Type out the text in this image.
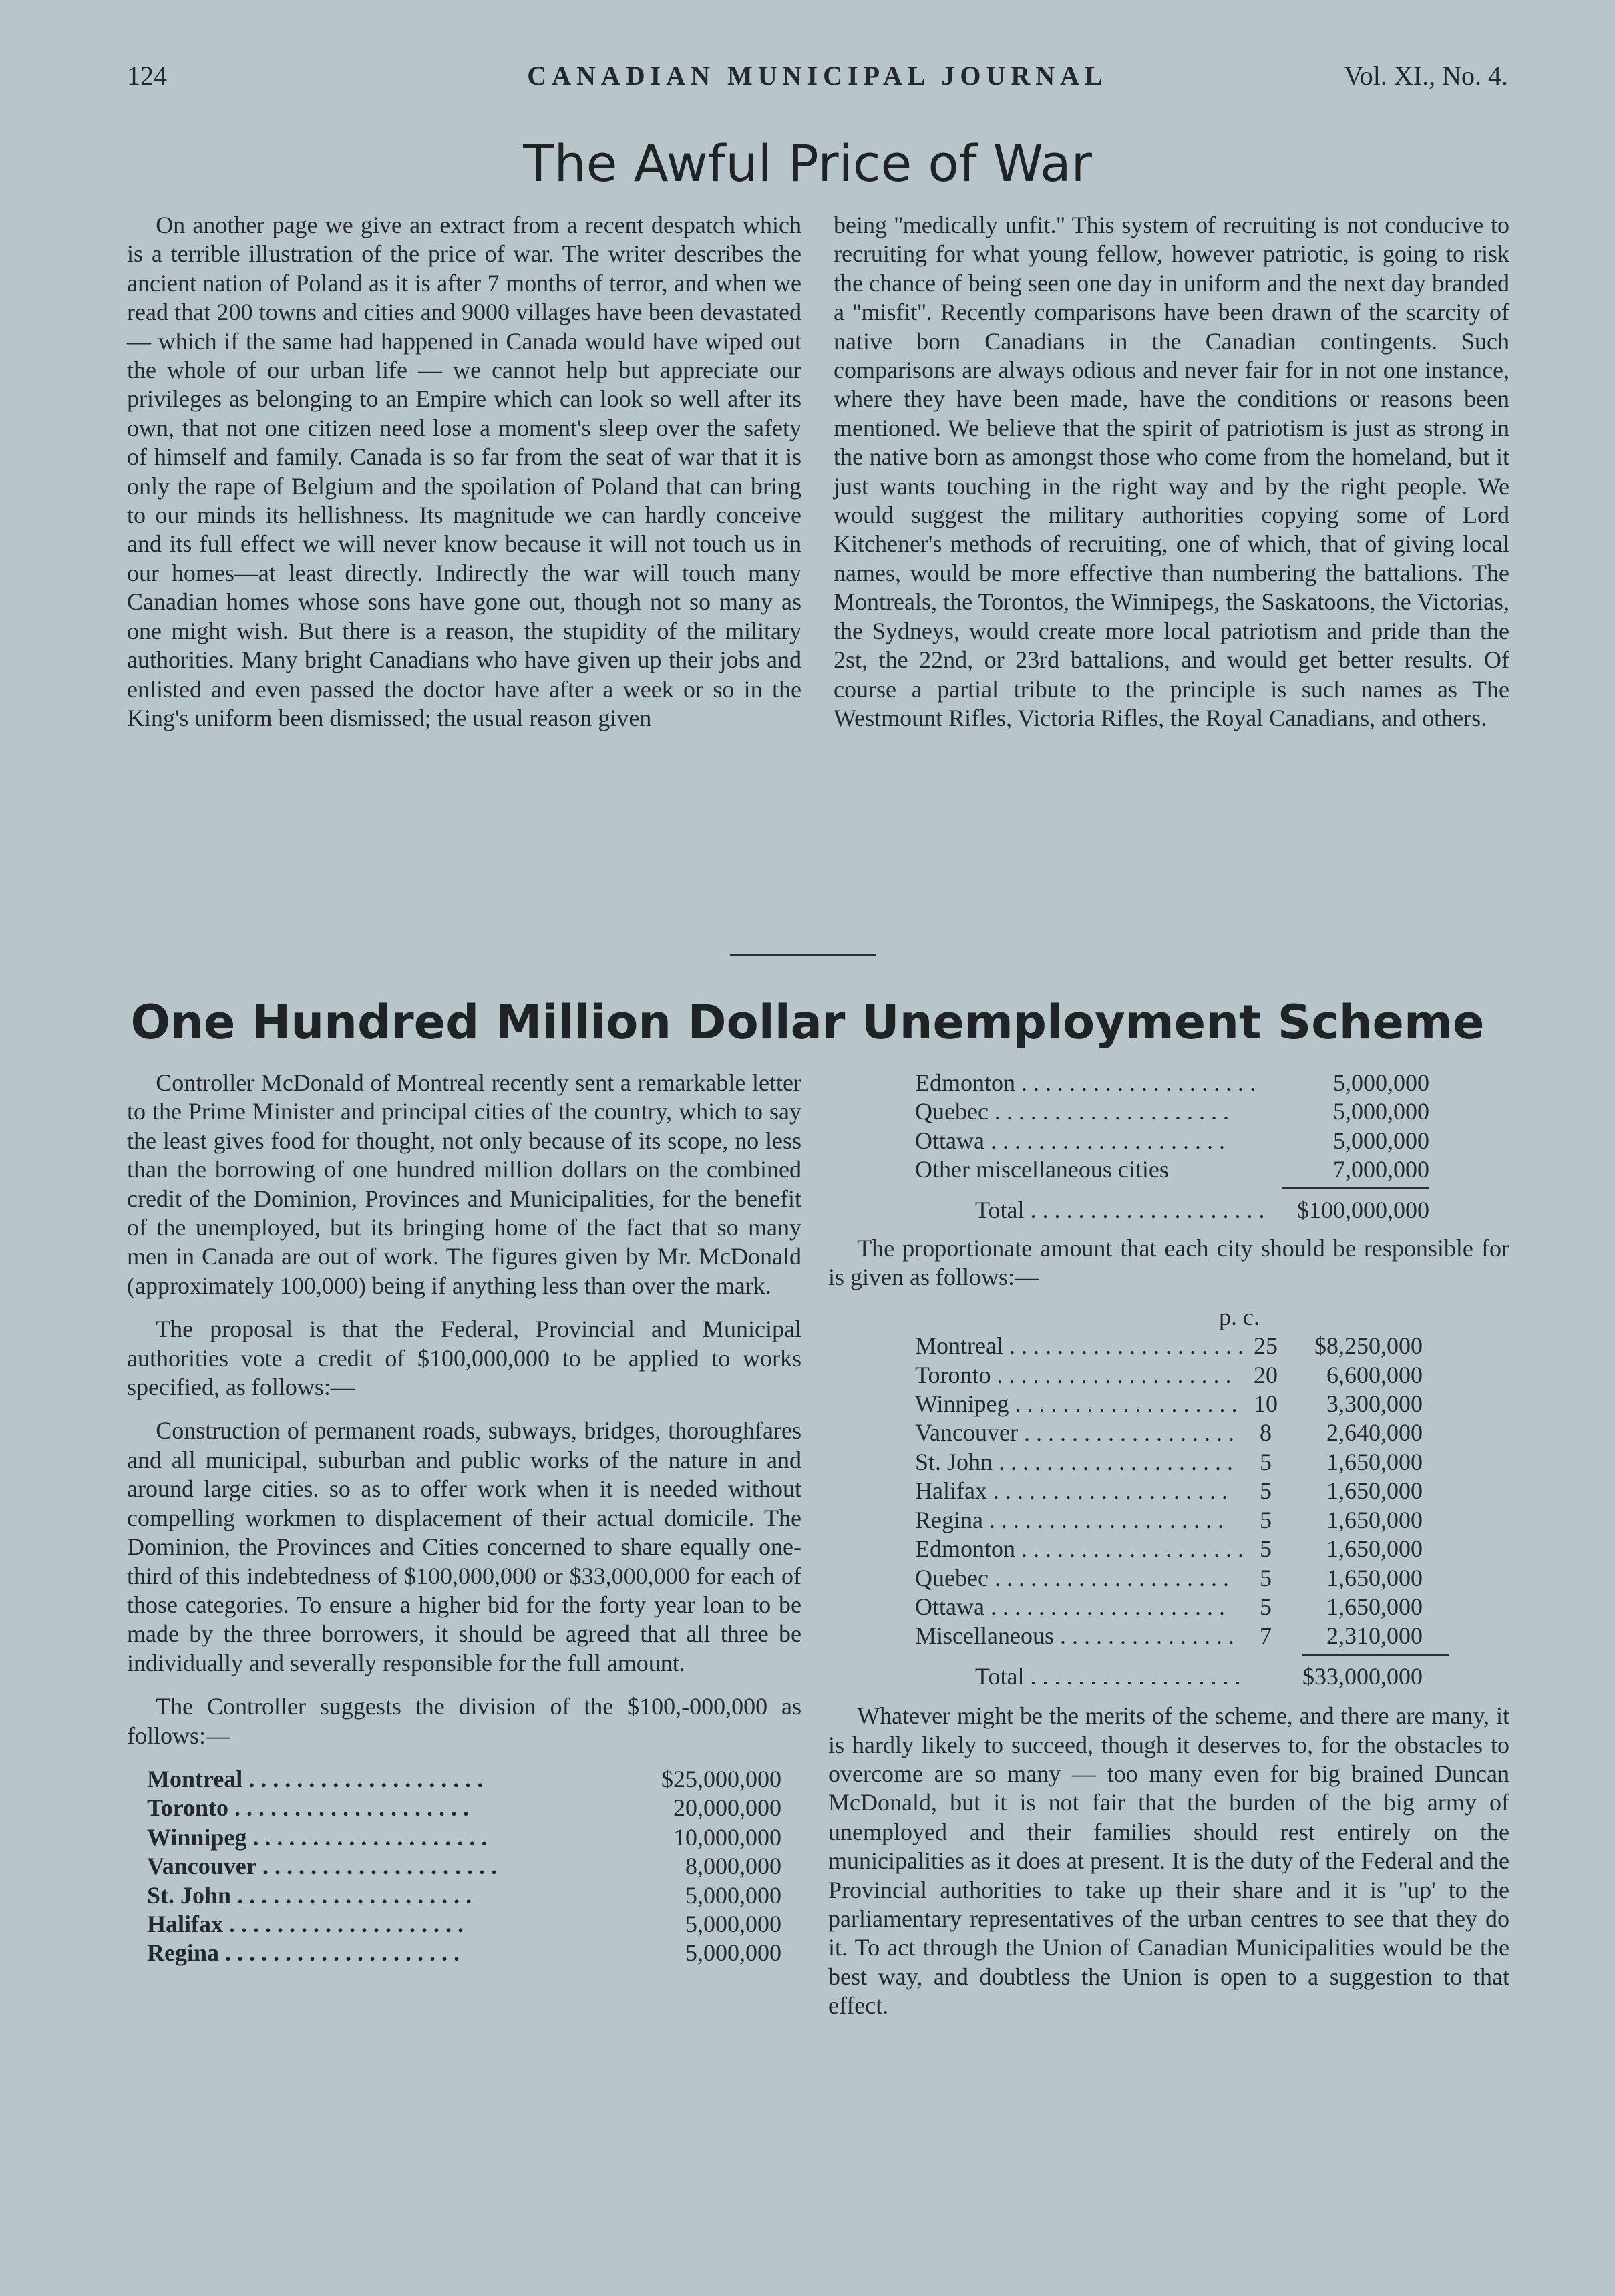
124	CANADIAN MUNICIPAL JOURNAL	Vol. XI., No. 4.
The Awful Price of War

On another page we give an extract from a recent despatch which is a terrible illustration of the price of war. The writer describes the ancient nation of Poland as it is after 7 months of terror, and when we read that 200 towns and cities and 9000 villages have been devastated — which if the same had happened in Canada would have wiped out the whole of our urban life — we cannot help but appreciate our privileges as belonging to an Empire which can look so well after its own, that not one citizen need lose a moment's sleep over the safety of himself and family. Canada is so far from the seat of war that it is only the rape of Belgium and the spoilation of Poland that can bring to our minds its hellishness. Its magnitude we can hardly conceive and its full effect we will never know because it will not touch us in our homes—at least directly. Indirectly the war will touch many Canadian homes whose sons have gone out, though not so many as one might wish. But there is a reason, the stupidity of the military authorities. Many bright Canadians who have given up their jobs and enlisted and even passed the doctor have after a week or so in the King's uniform been dismissed; the usual reason given

being ''medically unfit.'' This system of recruiting is not conducive to recruiting for what young fellow, however patriotic, is going to risk the chance of being seen one day in uniform and the next day branded a ''misfit''. Recently comparisons have been drawn of the scarcity of native born Canadians in the Canadian contingents. Such comparisons are always odious and never fair for in not one instance, where they have been made, have the conditions or reasons been mentioned. We believe that the spirit of patriotism is just as strong in the native born as amongst those who come from the homeland, but it just wants touching in the right way and by the right people. We would suggest the military authorities copying some of Lord Kitchener's methods of recruiting, one of which, that of giving local names, would be more effective than numbering the battalions. The Montreals, the Torontos, the Winnipegs, the Saskatoons, the Victorias, the Sydneys, would create more local patriotism and pride than the 2st, the 22nd, or 23rd battalions, and would get better results. Of course a partial tribute to the principle is such names as The Westmount Rifles, Victoria Rifles, the Royal Canadians, and others.

One Hundred Million Dollar Unemployment Scheme

Controller McDonald of Montreal recently sent a remarkable letter to the Prime Minister and principal cities of the country, which to say the least gives food for thought, not only because of its scope, no less than the borrowing of one hundred million dollars on the combined credit of the Dominion, Provinces and Municipalities, for the benefit of the unemployed, but its bringing home of the fact that so many men in Canada are out of work. The figures given by Mr. McDonald (approximately 100,000) being if anything less than over the mark.

The proposal is that the Federal, Provincial and Municipal authorities vote a credit of $100,000,000 to be applied to works specified, as follows:—

Construction of permanent roads, subways, bridges, thoroughfares and all municipal, suburban and public works of the nature in and around large cities. so as to offer work when it is needed without compelling workmen to displacement of their actual domicile. The Dominion, the Provinces and Cities concerned to share equally one-third of this indebtedness of $100,000,000 or $33,000,000 for each of those categories. To ensure a higher bid for the forty year loan to be made by the three borrowers, it should be agreed that all three be individually and severally responsible for the full amount.

The Controller suggests the division of the $100,-000,000 as follows:—

Montreal . . .	$25,000,000
Toronto . . .	20,000,000
Winnipeg . . .	10,000,000
Vancouver . . .	8,000,000
St. John . . .	5,000,000
Halifax . . .	5,000,000
Regina . . .	5,000,000
Edmonton . . .	5,000,000
Quebec . . .	5,000,000
Ottawa . . .	5,000,000
Other miscellaneous cities	7,000,000
Total . . .	$100,000,000

The proportionate amount that each city should be responsible for is given as follows:—

p. c.
Montreal . . .	25	$8,250,000
Toronto . . .	20	6,600,000
Winnipeg . . .	10	3,300,000
Vancouver . . .	8	2,640,000
St. John . . .	5	1,650,000
Halifax . . .	5	1,650,000
Regina . . .	5	1,650,000
Edmonton . . .	5	1,650,000
Quebec . . .	5	1,650,000
Ottawa . . .	5	1,650,000
Miscellaneous . . .	7	2,310,000
Total . . .	$33,000,000

Whatever might be the merits of the scheme, and there are many, it is hardly likely to succeed, though it deserves to, for the obstacles to overcome are so many — too many even for big brained Duncan McDonald, but it is not fair that the burden of the big army of unemployed and their families should rest entirely on the municipalities as it does at present. It is the duty of the Federal and the Provincial authorities to take up their share and it is ''up' to the parliamentary representatives of the urban centres to see that they do it. To act through the Union of Canadian Municipalities would be the best way, and doubtless the Union is open to a suggestion to that effect.
